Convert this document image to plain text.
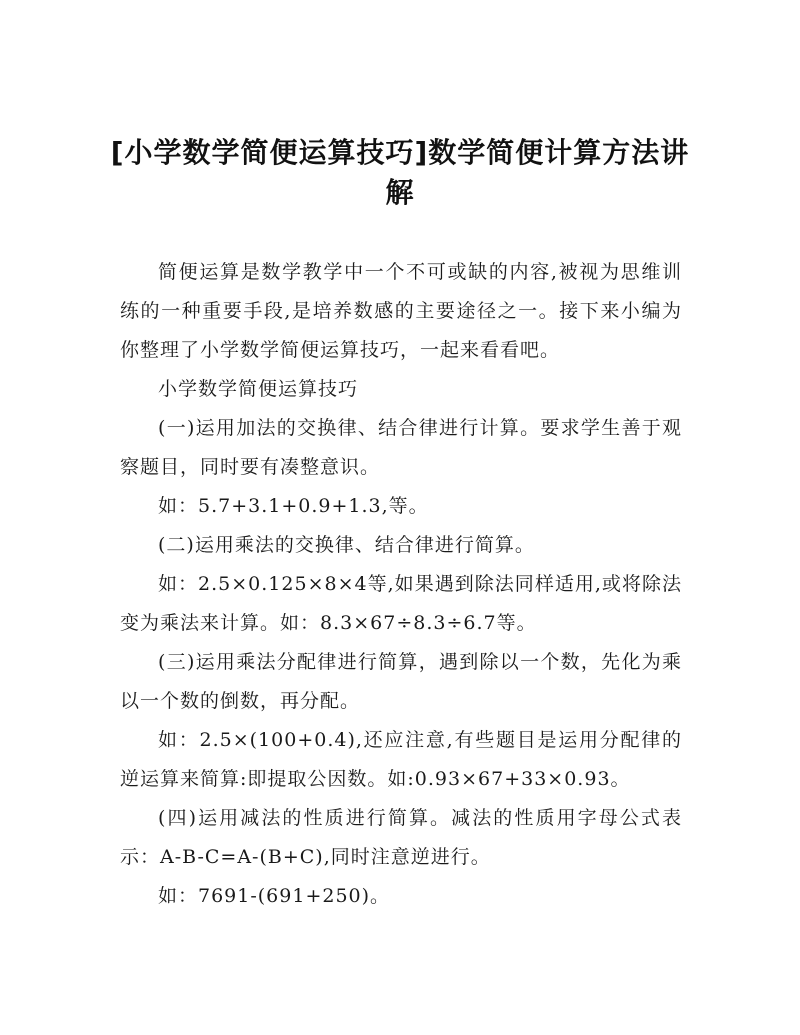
[小学数学简便运算技巧]数学简便计算方法讲解

简便运算是数学教学中一个不可或缺的内容,被视为思维训练的一种重要手段,是培养数感的主要途径之一。接下来小编为你整理了小学数学简便运算技巧，一起来看看吧。

小学数学简便运算技巧

(一)运用加法的交换律、结合律进行计算。要求学生善于观察题目，同时要有凑整意识。

如：5.7+3.1+0.9+1.3,等。

(二)运用乘法的交换律、结合律进行简算。

如：2.5×0.125×8×4等,如果遇到除法同样适用,或将除法变为乘法来计算。如：8.3×67÷8.3÷6.7等。

(三)运用乘法分配律进行简算，遇到除以一个数，先化为乘以一个数的倒数，再分配。

如：2.5×(100+0.4),还应注意,有些题目是运用分配律的逆运算来简算:即提取公因数。如:0.93×67+33×0.93。

(四)运用减法的性质进行简算。减法的性质用字母公式表示：A-B-C=A-(B+C),同时注意逆进行。

如：7691-(691+250)。
